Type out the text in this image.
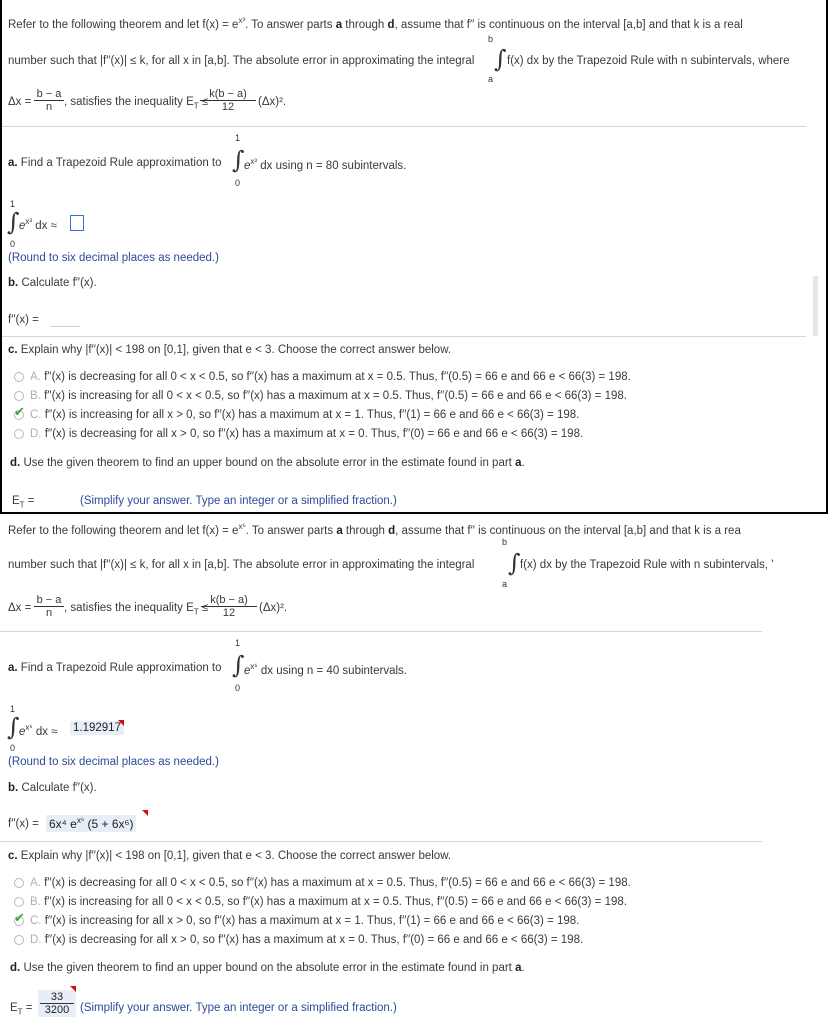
Refer to the following theorem and let $f(x) = e^{x^3}$. To answer parts a through d, assume that f′′ is continuous on the interval [a,b] and that k is a real
b
number such that |f′′(x)| ≤ k, for all x in [a,b]. The absolute error in approximating the integral ∫ f(x) dx by the Trapezoid Rule with n subintervals, where
a
$\Delta x = \frac{b - a}{n}$ , satisfies the inequality $E_T$ ≤
$\frac{k(b - a)}{12} (\Delta x)^2$.
1
a. Find a Trapezoid Rule approximation to ∫ $e^{x^3}$ dx using n = 80 subintervals.
0
1
∫ $e^{x^3}$ dx ≈
0
(Round to six decimal places as needed.)
b. Calculate f′′(x).
f′′(x) =
c. Explain why |f′′(x)| < 198 on [0,1], given that e < 3. Choose the correct answer below.
A. f′′(x) is decreasing for all 0 < x < 0.5, so f′′(x) has a maximum at x = 0.5. Thus, f′′(0.5) = 66 e and 66 e < 66(3) = 198.
B. f′′(x) is increasing for all 0 < x < 0.5, so f′′(x) has a maximum at x = 0.5. Thus, f′′(0.5) = 66 e and 66 e < 66(3) = 198.
✔ C. f′′(x) is increasing for all x > 0, so f′′(x) has a maximum at x = 1. Thus, f′′(1) = 66 e and 66 e < 66(3) = 198.
D. f′′(x) is decreasing for all x > 0, so f′′(x) has a maximum at x = 0. Thus, f′′(0) = 66 e and 66 e < 66(3) = 198.
d. Use the given theorem to find an upper bound on the absolute error in the estimate found in part a.
$E_T$ =	(Simplify your answer. Type an integer or a simplified fraction.)
Refer to the following theorem and let $f(x) = e^{x^6}$. To answer parts a through d, assume that f′′ is continuous on the interval [a,b] and that k is a rea
b
number such that |f′′(x)| ≤ k, for all x in [a,b]. The absolute error in approximating the integral ∫ f(x) dx by the Trapezoid Rule with n subintervals, '
a
$\Delta x = \frac{b - a}{n}$ , satisfies the inequality $E_T$ ≤
$\frac{k(b - a)}{12} (\Delta x)^2$.
1
a. Find a Trapezoid Rule approximation to ∫ $e^{x^6}$ dx using n = 40 subintervals.
0
1
∫ $e^{x^6}$ dx ≈ 1.192917
0
(Round to six decimal places as needed.)
b. Calculate f′′(x).
f′′(x) = 6x⁴ $e^{x^6}$ (5 + 6x⁶)
c. Explain why |f′′(x)| < 198 on [0,1], given that e < 3. Choose the correct answer below.
A. f′′(x) is decreasing for all 0 < x < 0.5, so f′′(x) has a maximum at x = 0.5. Thus, f′′(0.5) = 66 e and 66 e < 66(3) = 198.
B. f′′(x) is increasing for all 0 < x < 0.5, so f′′(x) has a maximum at x = 0.5. Thus, f′′(0.5) = 66 e and 66 e < 66(3) = 198.
✔ C. f′′(x) is increasing for all x > 0, so f′′(x) has a maximum at x = 1. Thus, f′′(1) = 66 e and 66 e < 66(3) = 198.
D. f′′(x) is decreasing for all x > 0, so f′′(x) has a maximum at x = 0. Thus, f′′(0) = 66 e and 66 e < 66(3) = 198.
d. Use the given theorem to find an upper bound on the absolute error in the estimate found in part a.
$E_T = \frac{33}{3200}$ (Simplify your answer. Type an integer or a simplified fraction.)
